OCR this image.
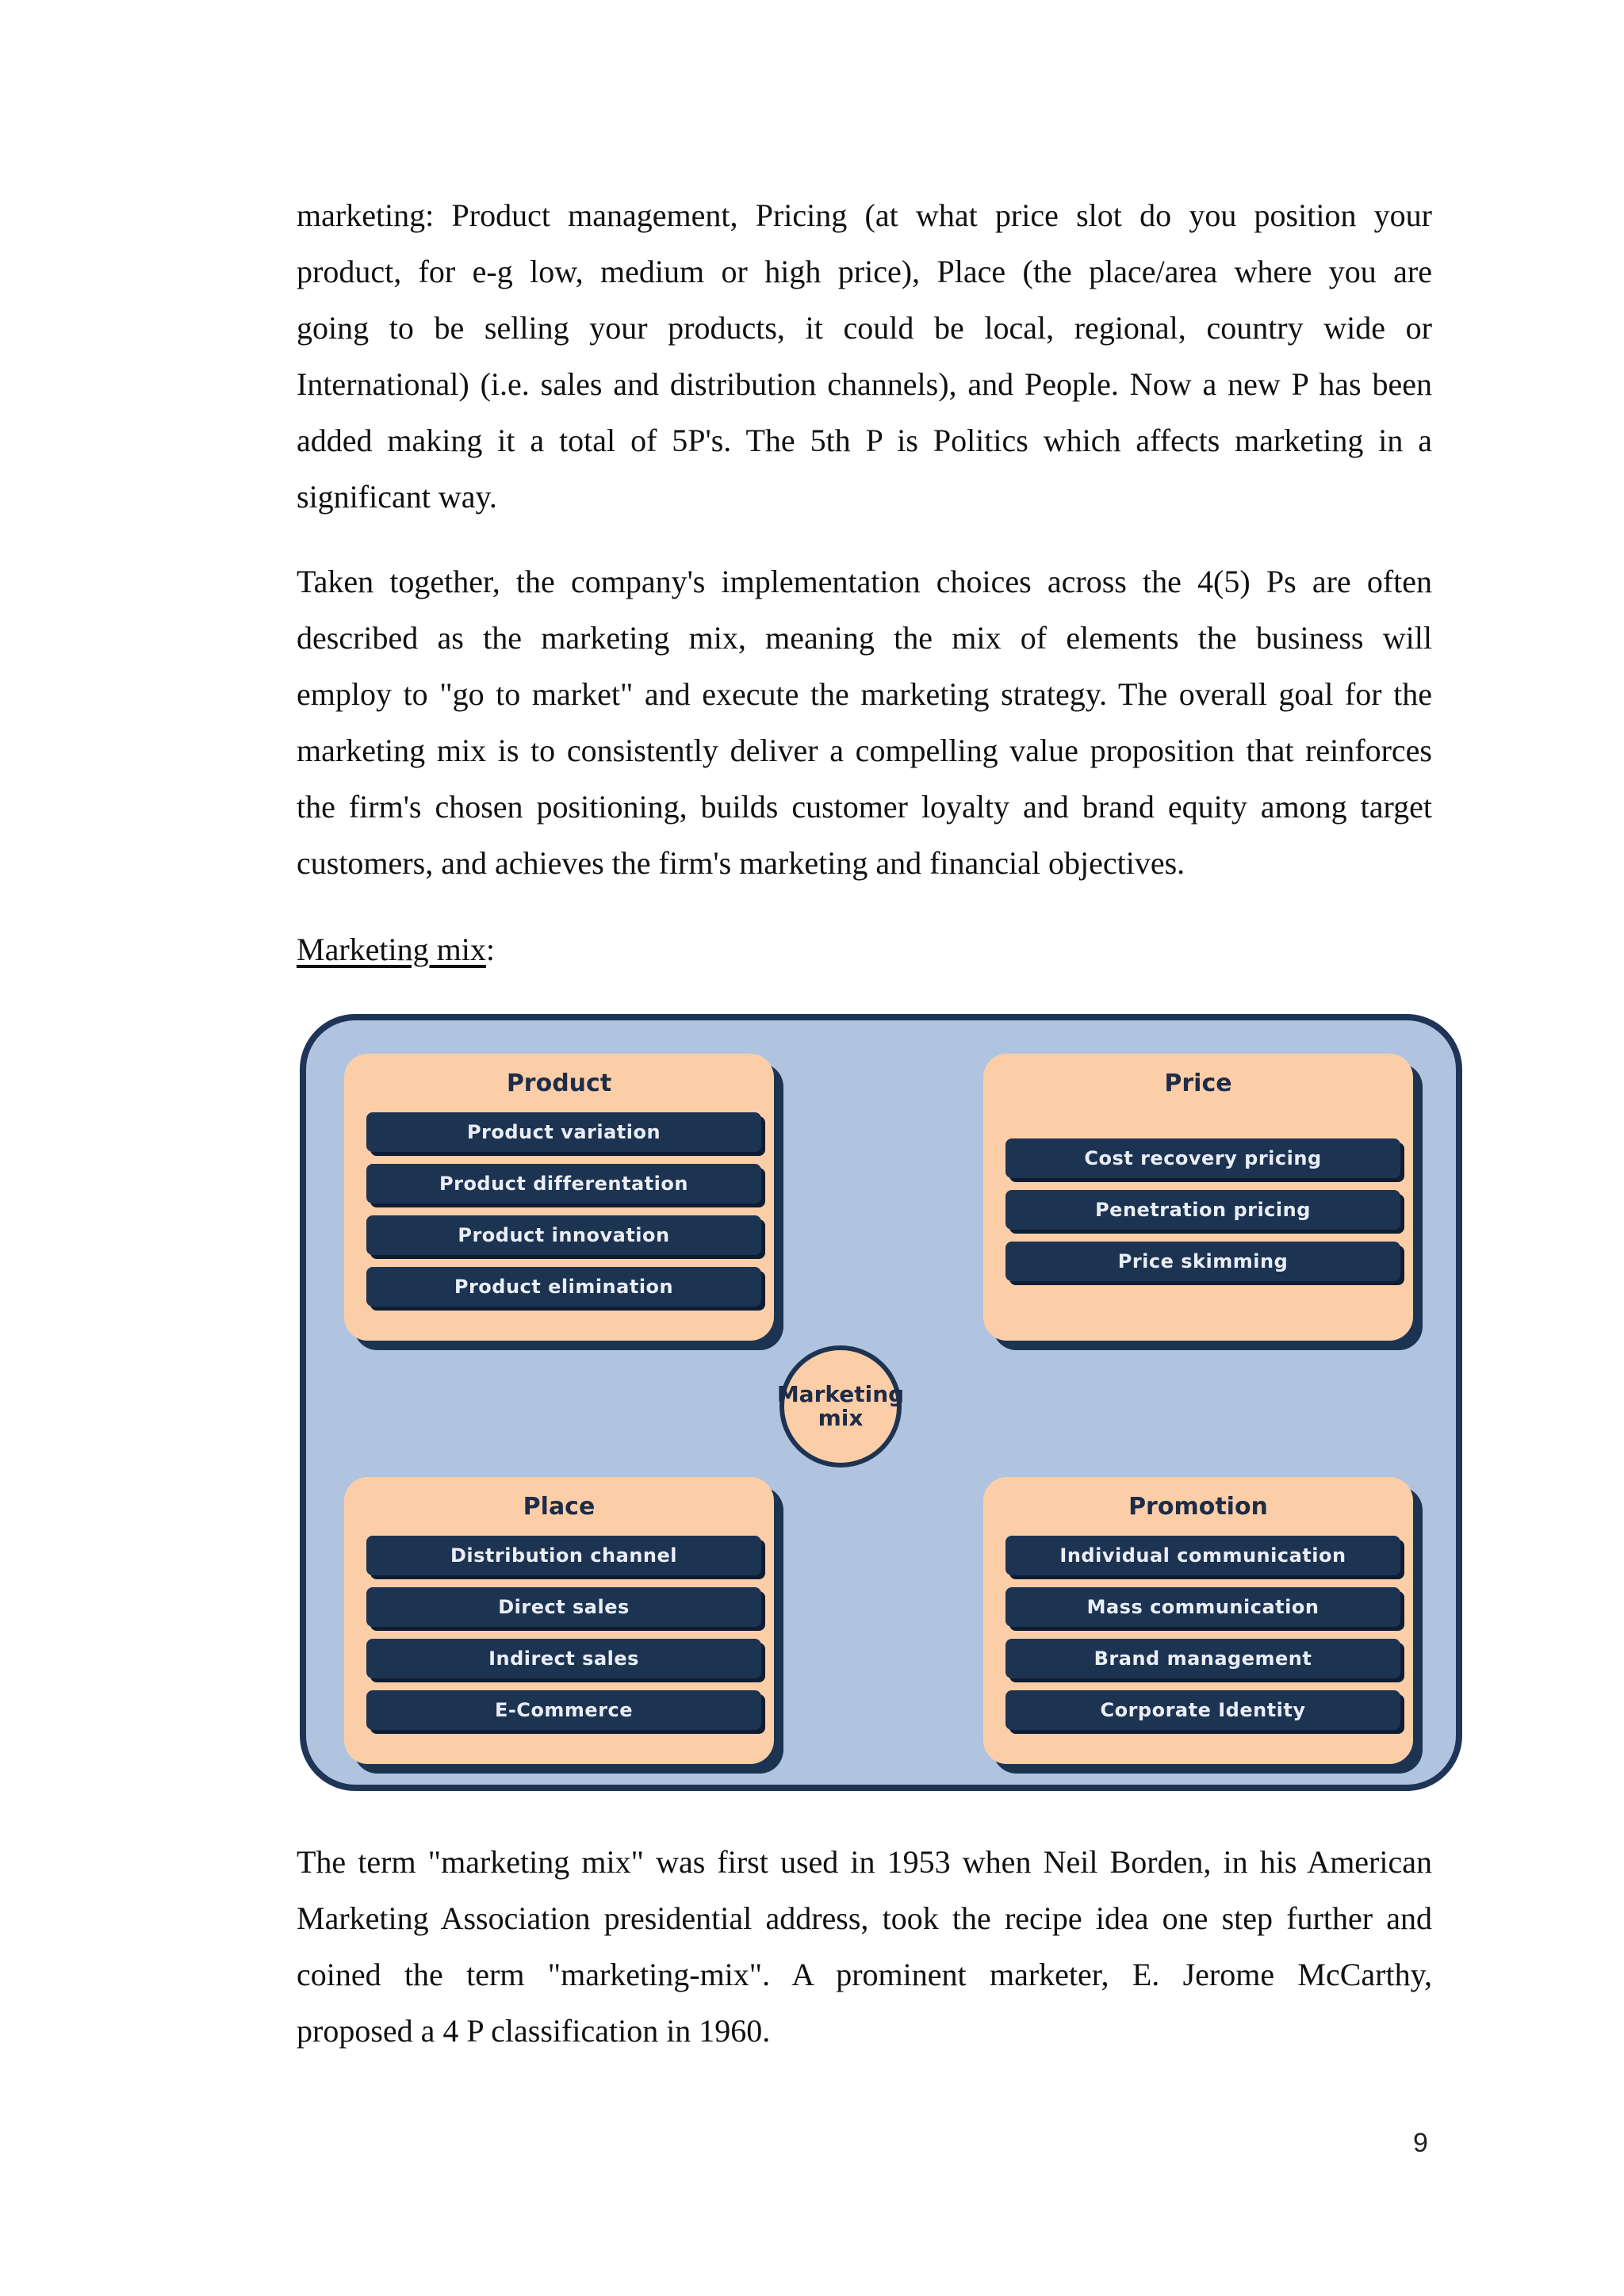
marketing: Product management, Pricing (at what price slot do you position your
product, for e-g low, medium or high price), Place (the place/area where you are
going to be selling your products, it could be local, regional, country wide or
International) (i.e. sales and distribution channels), and People. Now a new P has been
added making it a total of 5P's. The 5th P is Politics which affects marketing in a
significant way.
Taken together, the company's implementation choices across the 4(5) Ps are often
described as the marketing mix, meaning the mix of elements the business will
employ to "go to market" and execute the marketing strategy. The overall goal for the
marketing mix is to consistently deliver a compelling value proposition that reinforces
the firm's chosen positioning, builds customer loyalty and brand equity among target
customers, and achieves the firm's marketing and financial objectives.
Marketing mix:
Product
Product variation
Product differentation
Product innovation
Product elimination
Price
Cost recovery pricing
Penetration pricing
Price skimming
Marketing
mix
Place
Distribution channel
Direct sales
Indirect sales
E-Commerce
Promotion
Individual communication
Mass communication
Brand management
Corporate Identity
The term "marketing mix" was first used in 1953 when Neil Borden, in his American
Marketing Association presidential address, took the recipe idea one step further and
coined the term "marketing-mix". A prominent marketer, E. Jerome McCarthy,
proposed a 4 P classification in 1960.
9
